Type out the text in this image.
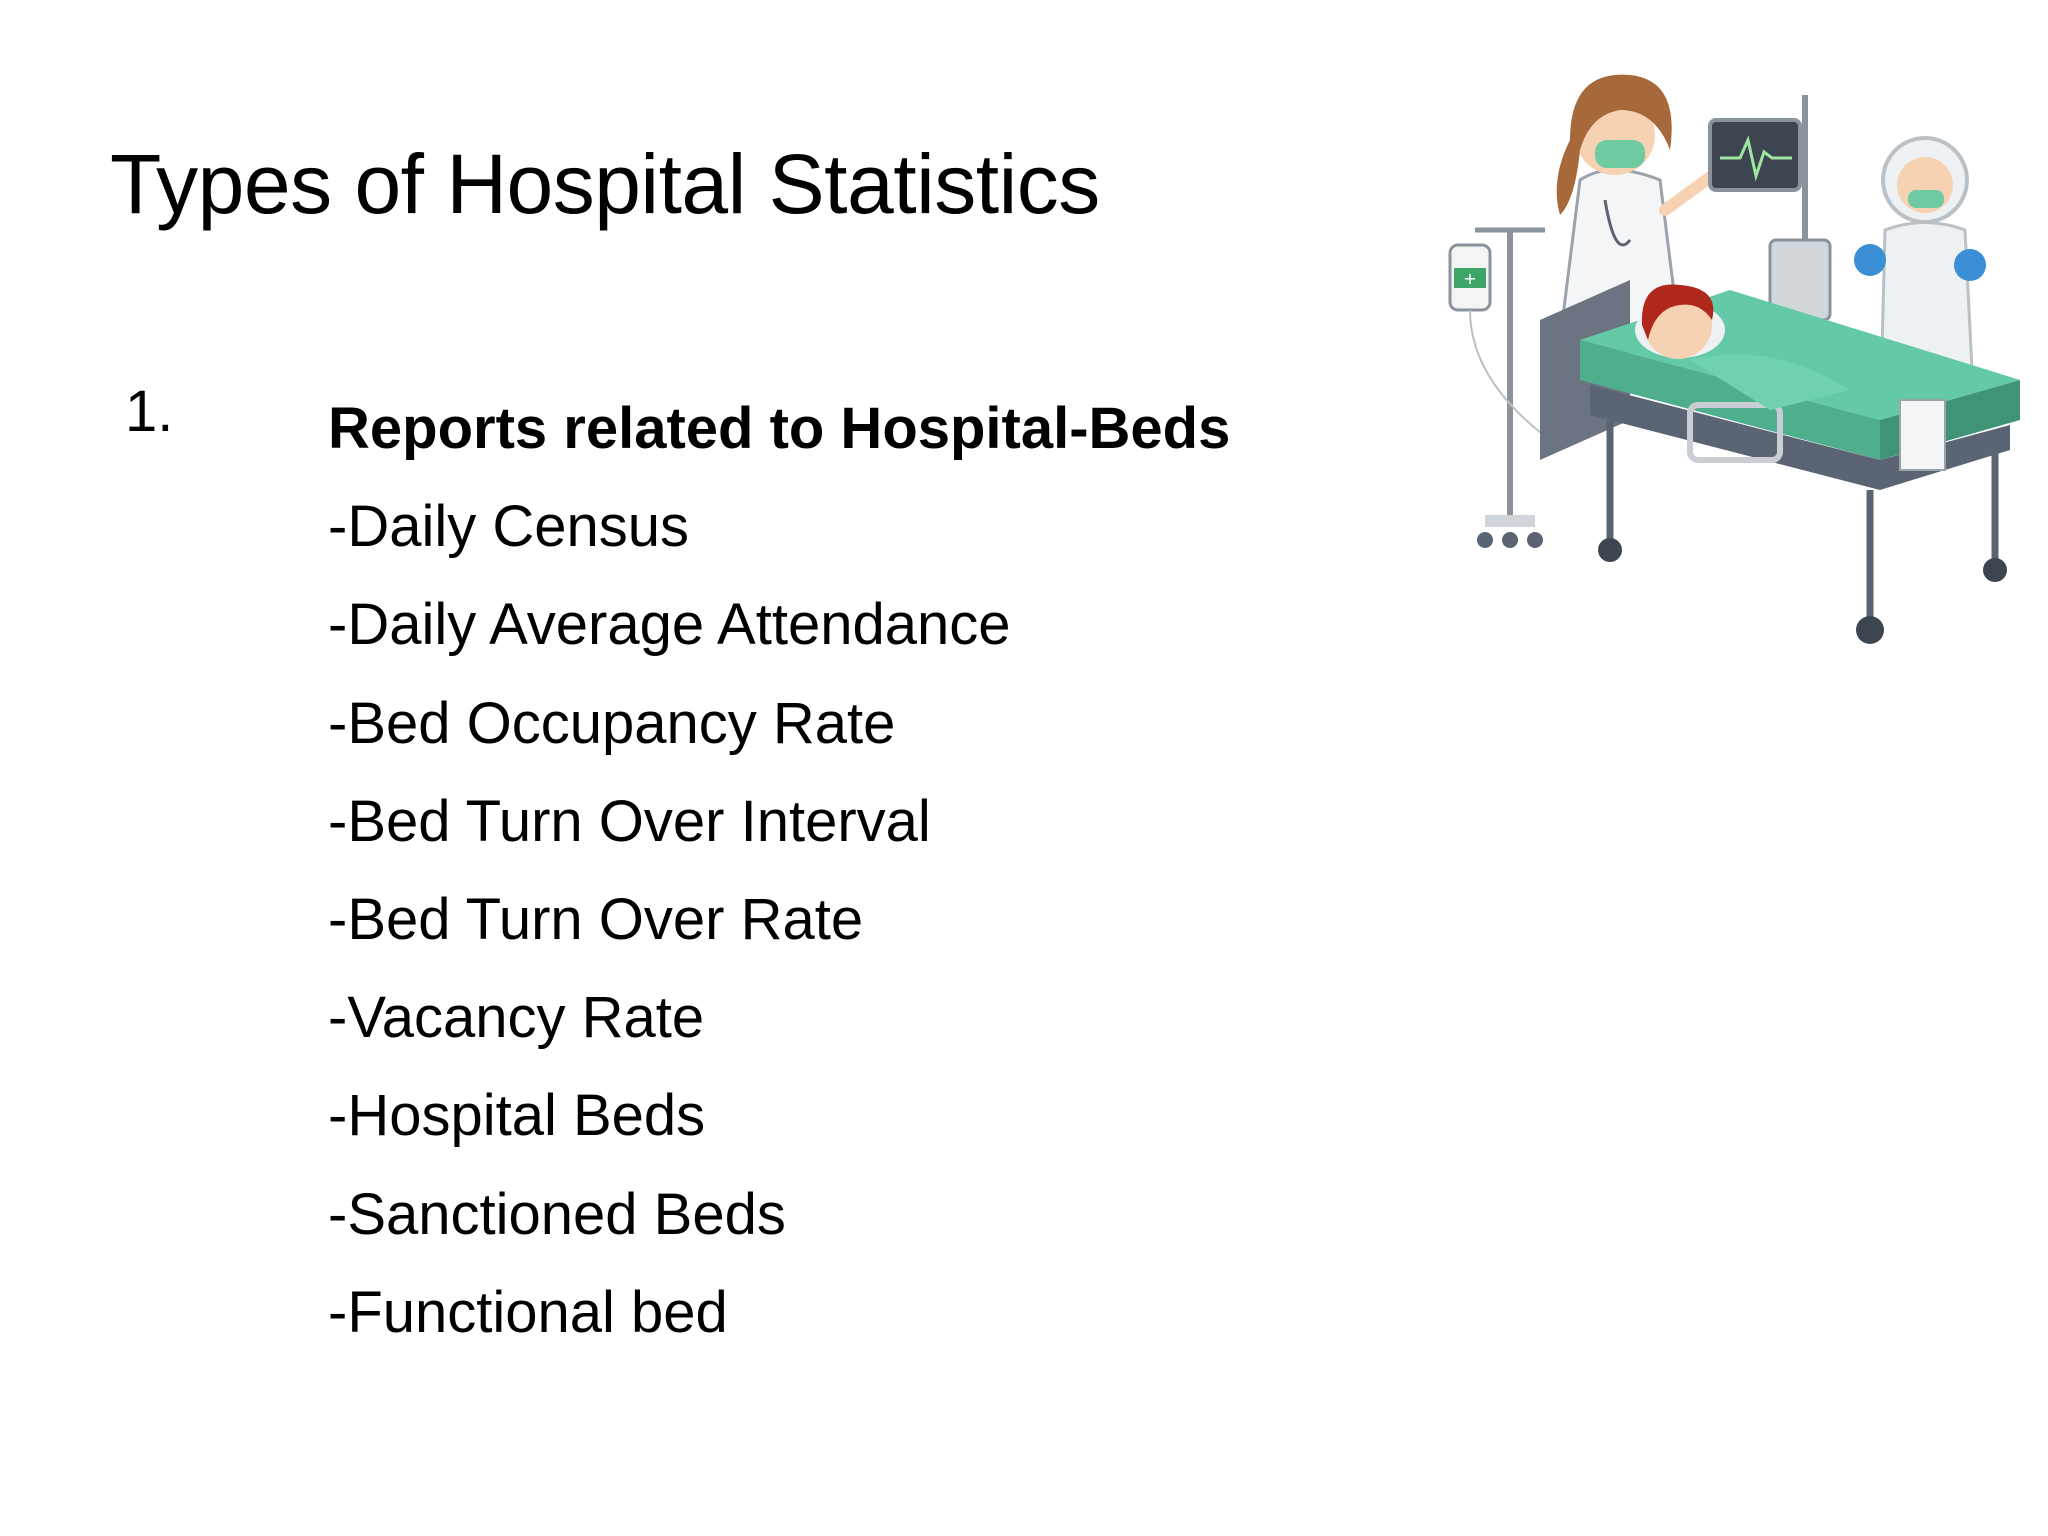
Types of Hospital Statistics
1.	Reports related to Hospital-Beds
-Daily Census
-Daily Average Attendance
-Bed Occupancy Rate
-Bed Turn Over Interval
-Bed Turn Over Rate
-Vacancy Rate
-Hospital Beds
-Sanctioned Beds
-Functional bed
+
